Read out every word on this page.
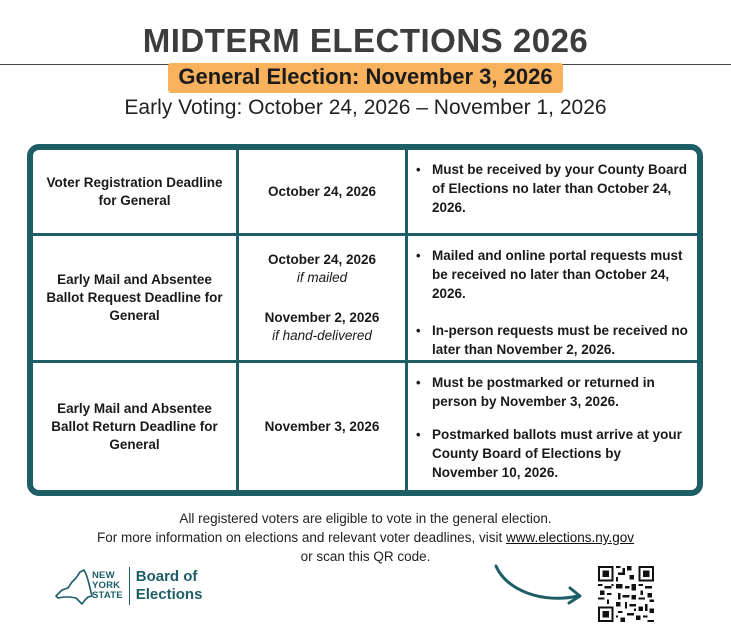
MIDTERM ELECTIONS 2026
General Election: November 3, 2026
Early Voting: October 24, 2026 – November 1, 2026
Voter Registration Deadline for General
October 24, 2026
• Must be received by your County Board of Elections no later than October 24, 2026.
Early Mail and Absentee Ballot Request Deadline for General
October 24, 2026
if mailed
November 2, 2026
if hand-delivered
• Mailed and online portal requests must be received no later than October 24, 2026.
• In-person requests must be received no later than November 2, 2026.
Early Mail and Absentee Ballot Return Deadline for General
November 3, 2026
• Must be postmarked or returned in person by November 3, 2026.
• Postmarked ballots must arrive at your County Board of Elections by November 10, 2026.
All registered voters are eligible to vote in the general election.
For more information on elections and relevant voter deadlines, visit www.elections.ny.gov
or scan this QR code.
NEW
YORK
STATE
Board of
Elections
